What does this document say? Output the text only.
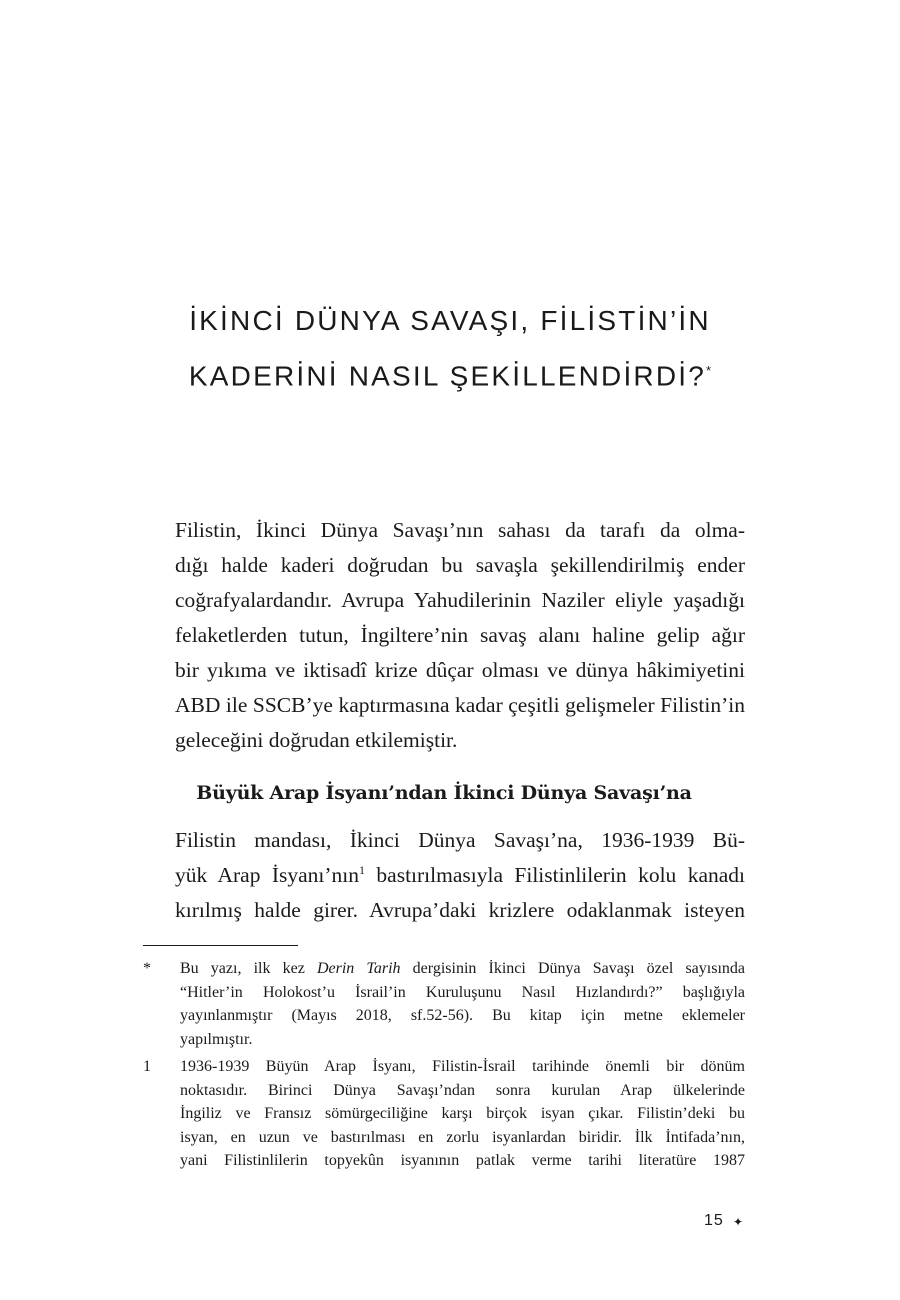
İKİNCİ DÜNYA SAVAŞI, FİLİSTİN’İN
KADERİNİ NASIL ŞEKİLLENDİRDİ?*

Filistin, İkinci Dünya Savaşı’nın sahası da tarafı da olma-
dığı halde kaderi doğrudan bu savaşla şekillendirilmiş ender
coğrafyalardandır. Avrupa Yahudilerinin Naziler eliyle yaşadığı
felaketlerden tutun, İngiltere’nin savaş alanı haline gelip ağır
bir yıkıma ve iktisadî krize dûçar olması ve dünya hâkimiyetini
ABD ile SSCB’ye kaptırmasına kadar çeşitli gelişmeler Filistin’in
geleceğini doğrudan etkilemiştir.

Büyük Arap İsyanı’ndan İkinci Dünya Savaşı’na

Filistin mandası, İkinci Dünya Savaşı’na, 1936-1939 Bü-
yük Arap İsyanı’nın$^1$ bastırılmasıyla Filistinlilerin kolu kanadı
kırılmış halde girer. Avrupa’daki krizlere odaklanmak isteyen

*	Bu yazı, ilk kez Derin Tarih dergisinin İkinci Dünya Savaşı özel sayısında
“Hitler’in Holokost’u İsrail’in Kuruluşunu Nasıl Hızlandırdı?” başlığıyla
yayınlanmıştır (Mayıs 2018, sf.52-56). Bu kitap için metne eklemeler
yapılmıştır.
1	1936-1939 Büyün Arap İsyanı, Filistin-İsrail tarihinde önemli bir dönüm
noktasıdır. Birinci Dünya Savaşı’ndan sonra kurulan Arap ülkelerinde
İngiliz ve Fransız sömürgeciliğine karşı birçok isyan çıkar. Filistin’deki bu
isyan, en uzun ve bastırılması en zorlu isyanlardan biridir. İlk İntifada’nın,
yani Filistinlilerin topyekûn isyanının patlak verme tarihi literatüre 1987
15 ✦
